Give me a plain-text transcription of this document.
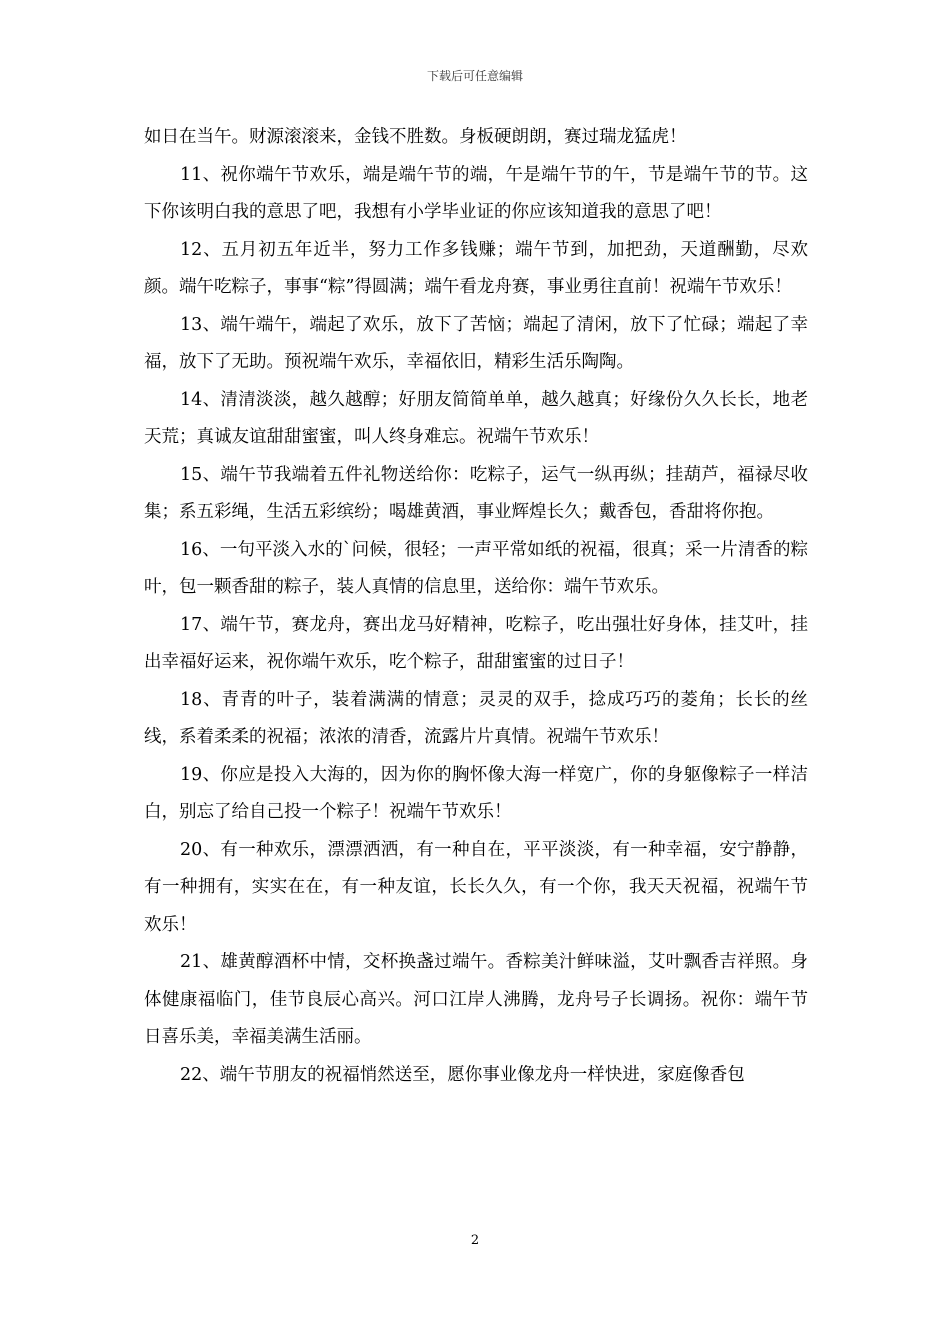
下载后可任意编辑

如日在当午。财源滚滚来，金钱不胜数。身板硬朗朗，赛过瑞龙猛虎！

11、祝你端午节欢乐，端是端午节的端，午是端午节的午，节是端午节的节。这下你该明白我的意思了吧，我想有小学毕业证的你应该知道我的意思了吧！

12、五月初五年近半，努力工作多钱赚；端午节到，加把劲，天道酬勤，尽欢颜。端午吃粽子，事事“粽”得圆满；端午看龙舟赛，事业勇往直前！祝端午节欢乐！

13、端午端午，端起了欢乐，放下了苦恼；端起了清闲，放下了忙碌；端起了幸福，放下了无助。预祝端午欢乐，幸福依旧，精彩生活乐陶陶。

14、清清淡淡，越久越醇；好朋友简简单单，越久越真；好缘份久久长长，地老天荒；真诚友谊甜甜蜜蜜，叫人终身难忘。祝端午节欢乐！

15、端午节我端着五件礼物送给你：吃粽子，运气一纵再纵；挂葫芦，福禄尽收集；系五彩绳，生活五彩缤纷；喝雄黄酒，事业辉煌长久；戴香包，香甜将你抱。

16、一句平淡入水的`问候，很轻；一声平常如纸的祝福，很真；采一片清香的粽叶，包一颗香甜的粽子，装人真情的信息里，送给你：端午节欢乐。

17、端午节，赛龙舟，赛出龙马好精神，吃粽子，吃出强壮好身体，挂艾叶，挂出幸福好运来，祝你端午欢乐，吃个粽子，甜甜蜜蜜的过日子！

18、青青的叶子，装着满满的情意；灵灵的双手，捻成巧巧的菱角；长长的丝线，系着柔柔的祝福；浓浓的清香，流露片片真情。祝端午节欢乐！

19、你应是投入大海的，因为你的胸怀像大海一样宽广，你的身躯像粽子一样洁白，别忘了给自己投一个粽子！祝端午节欢乐！

20、有一种欢乐，漂漂洒洒，有一种自在，平平淡淡，有一种幸福，安宁静静，有一种拥有，实实在在，有一种友谊，长长久久，有一个你，我天天祝福，祝端午节欢乐！

21、雄黄醇酒杯中情，交杯换盏过端午。香粽美汁鲜味溢，艾叶飘香吉祥照。身体健康福临门，佳节良辰心高兴。河口江岸人沸腾，龙舟号子长调扬。祝你：端午节日喜乐美，幸福美满生活丽。

22、端午节朋友的祝福悄然送至，愿你事业像龙舟一样快进，家庭像香包

2
